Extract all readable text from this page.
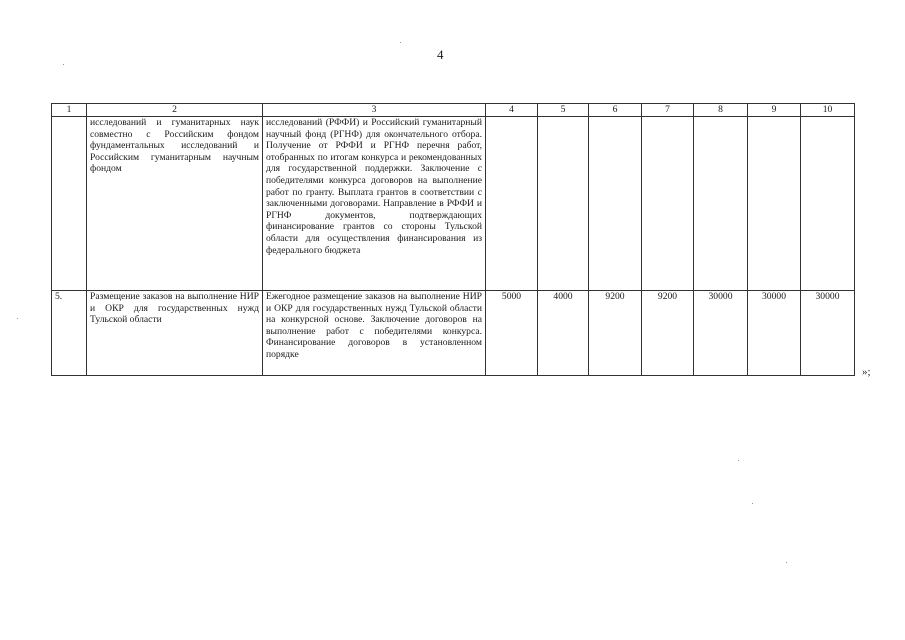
4
1	2	3	4	5	6	7	8	9	10
	исследований и гуманитарных наук совместно с Российским фондом фундаментальных исследований и Российским гуманитарным научным фондом	исследований (РФФИ) и Российский гуманитарный научный фонд (РГНФ) для окончательного отбора. Получение от РФФИ и РГНФ перечня работ, отобранных по итогам конкурса и рекомендованных для государственной поддержки. Заключение с победителями конкурса договоров на выполнение работ по гранту. Выплата грантов в соответствии с заключенными договорами. Направление в РФФИ и РГНФ документов, подтверждающих финансирование грантов со стороны Тульской области для осуществления финансирования из федерального бюджета							
5.	Размещение заказов на выполнение НИР и ОКР для государственных нужд Тульской области	Ежегодное размещение заказов на выполнение НИР и ОКР для государственных нужд Тульской области на конкурсной основе. Заключение договоров на выполнение работ с победителями конкурса. Финансирование договоров в установленном порядке	5000	4000	9200	9200	30000	30000	30000
»;
